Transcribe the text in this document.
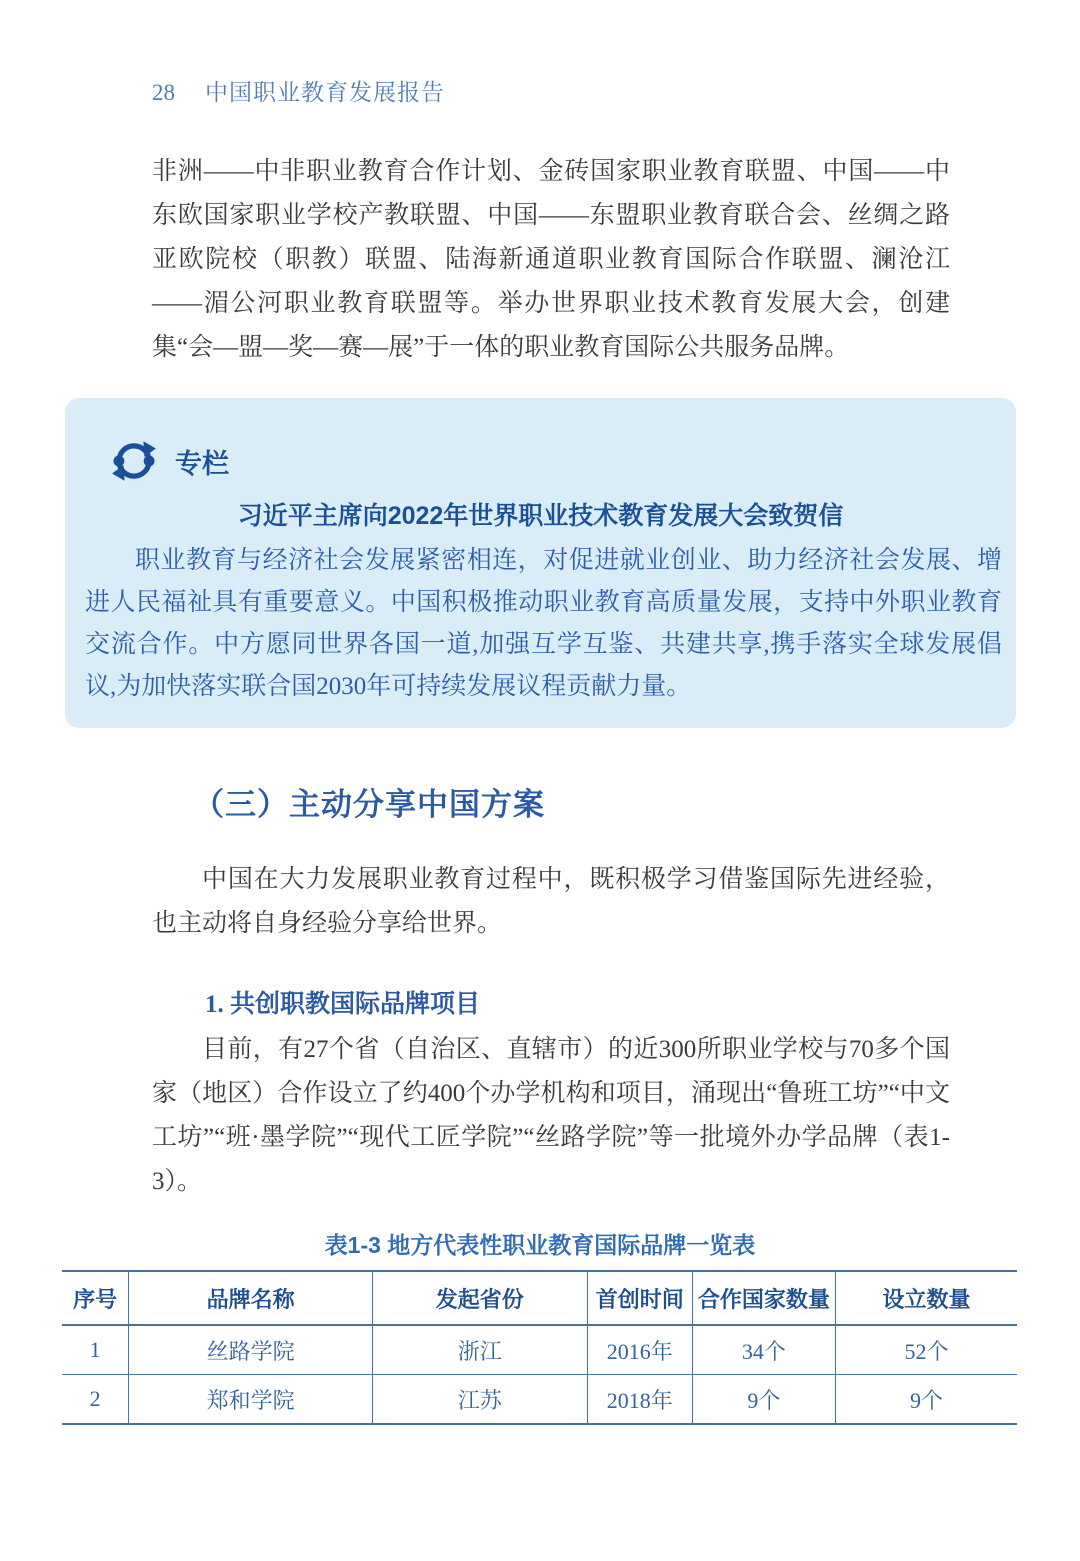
28 中国职业教育发展报告
非洲——中非职业教育合作计划、金砖国家职业教育联盟、中国——中东欧国家职业学校产教联盟、中国——东盟职业教育联合会、丝绸之路亚欧院校（职教）联盟、陆海新通道职业教育国际合作联盟、澜沧江——湄公河职业教育联盟等。举办世界职业技术教育发展大会，创建集“会—盟—奖—赛—展”于一体的职业教育国际公共服务品牌。
专栏
习近平主席向2022年世界职业技术教育发展大会致贺信
职业教育与经济社会发展紧密相连，对促进就业创业、助力经济社会发展、增进人民福祉具有重要意义。中国积极推动职业教育高质量发展，支持中外职业教育交流合作。中方愿同世界各国一道,加强互学互鉴、共建共享,携手落实全球发展倡议,为加快落实联合国2030年可持续发展议程贡献力量。
（三）主动分享中国方案
中国在大力发展职业教育过程中，既积极学习借鉴国际先进经验，也主动将自身经验分享给世界。
1. 共创职教国际品牌项目
目前，有27个省（自治区、直辖市）的近300所职业学校与70多个国家（地区）合作设立了约400个办学机构和项目，涌现出“鲁班工坊”“中文工坊”“班·墨学院”“现代工匠学院”“丝路学院”等一批境外办学品牌（表1-3）。
表1-3 地方代表性职业教育国际品牌一览表
序号	品牌名称	发起省份	首创时间	合作国家数量	设立数量
1	丝路学院	浙江	2016年	34个	52个
2	郑和学院	江苏	2018年	9个	9个
